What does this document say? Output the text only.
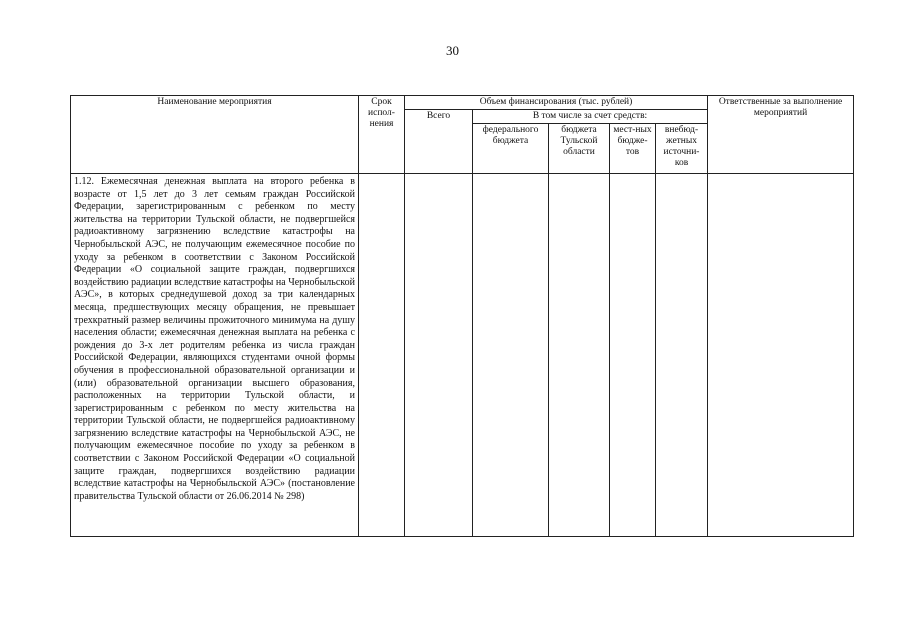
30
Наименование мероприятия	Срок испол-нения	Объем финансирования (тыс. рублей)					Ответственные за выполнение мероприятий
		Всего	В том числе за счет средств:				
			федерального бюджета	бюджета Тульской области	мест-ных бюдже-тов	внебюд-жетных источни-ков	
1.12. Ежемесячная денежная выплата на второго ребенка в возрасте от 1,5 лет до 3 лет семьям граждан Российской Федерации, зарегистрированным с ребенком по месту жительства на территории Тульской области, не подвергшейся радиоактивному загрязнению вследствие катастрофы на Чернобыльской АЭС, не получающим ежемесячное пособие по уходу за ребенком в соответствии с Законом Российской Федерации «О социальной защите граждан, подвергшихся воздействию радиации вследствие катастрофы на Чернобыльской АЭС», в которых среднедушевой доход за три календарных месяца, предшествующих месяцу обращения, не превышает трехкратный размер величины прожиточного минимума на душу населения области; ежемесячная денежная выплата на ребенка с рождения до 3-х лет родителям ребенка из числа граждан Российской Федерации, являющихся студентами очной формы обучения в профессиональной образовательной организации и (или) образовательной организации высшего образования, расположенных на территории Тульской области, и зарегистрированным с ребенком по месту жительства на территории Тульской области, не подвергшейся радиоактивному загрязнению вследствие катастрофы на Чернобыльской АЭС, не получающим ежемесячное пособие по уходу за ребенком в соответствии с Законом Российской Федерации «О социальной защите граждан, подвергшихся воздействию радиации вследствие катастрофы на Чернобыльской АЭС» (постановление правительства Тульской области от 26.06.2014 № 298)							
